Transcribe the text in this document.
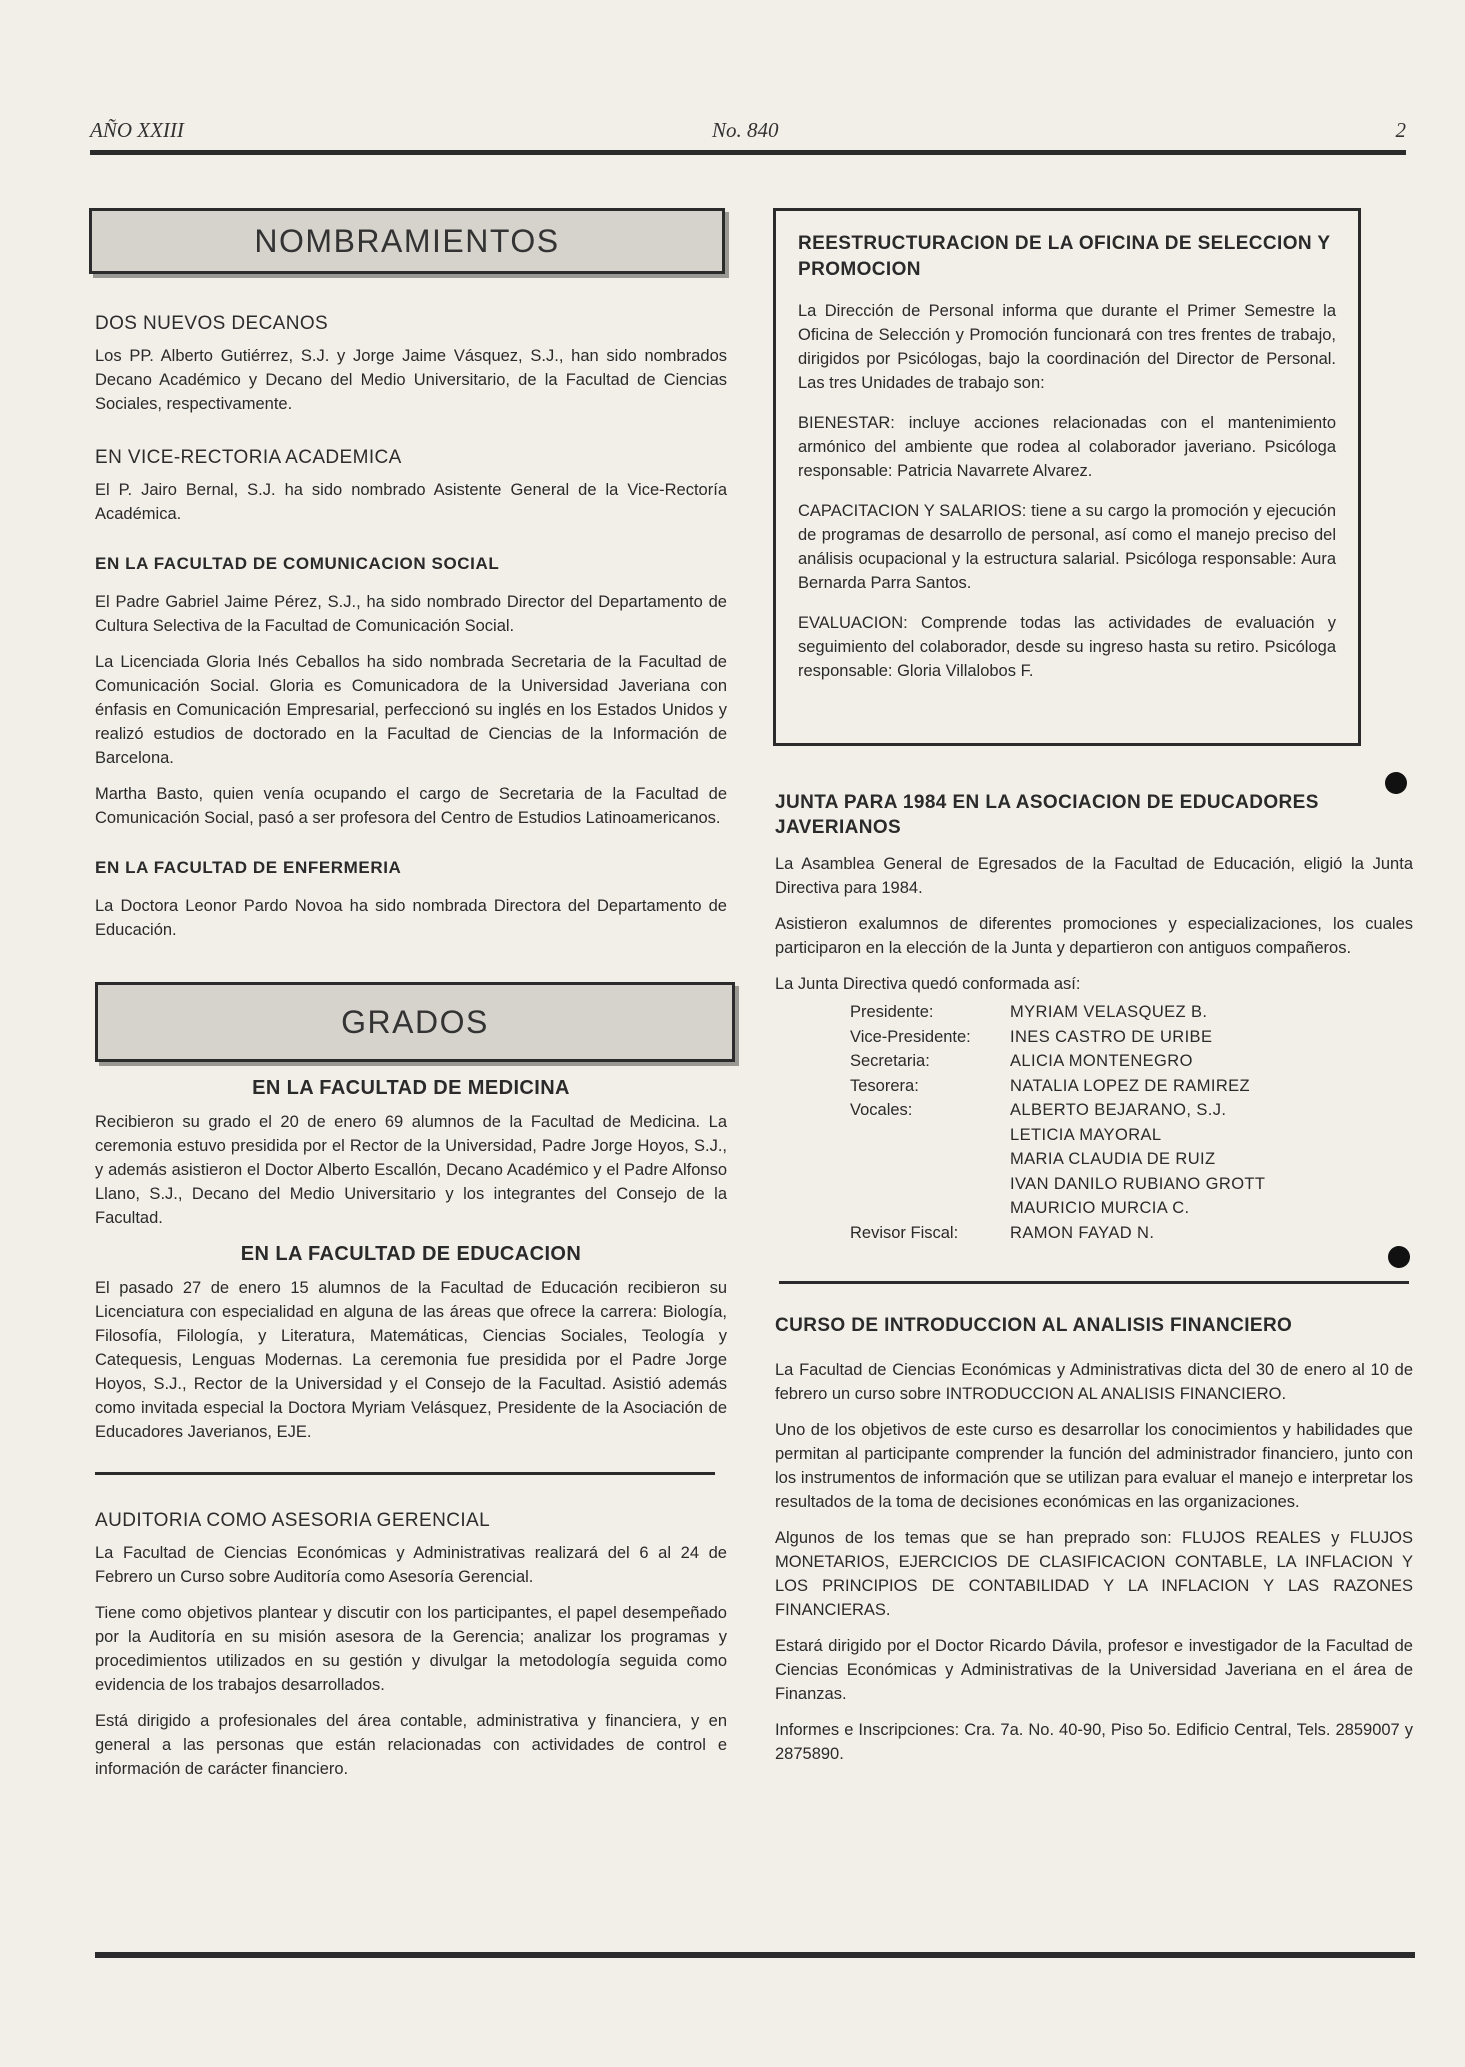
AÑO XXIII	No. 840	2
NOMBRAMIENTOS
DOS NUEVOS DECANOS

Los PP. Alberto Gutiérrez, S.J. y Jorge Jaime Vásquez, S.J., han sido nombrados Decano Académico y Decano del Medio Universitario, de la Facultad de Ciencias Sociales, respectivamente.

EN VICE-RECTORIA ACADEMICA

El P. Jairo Bernal, S.J. ha sido nombrado Asistente General de la Vice-Rectoría Académica.

EN LA FACULTAD DE COMUNICACION SOCIAL

El Padre Gabriel Jaime Pérez, S.J., ha sido nombrado Director del Departamento de Cultura Selectiva de la Facultad de Comunicación Social.

La Licenciada Gloria Inés Ceballos ha sido nombrada Secretaria de la Facultad de Comunicación Social. Gloria es Comunicadora de la Universidad Javeriana con énfasis en Comunicación Empresarial, perfeccionó su inglés en los Estados Unidos y realizó estudios de doctorado en la Facultad de Ciencias de la Información de Barcelona.

Martha Basto, quien venía ocupando el cargo de Secretaria de la Facultad de Comunicación Social, pasó a ser profesora del Centro de Estudios Latinoamericanos.

EN LA FACULTAD DE ENFERMERIA

La Doctora Leonor Pardo Novoa ha sido nombrada Directora del Departamento de Educación.

GRADOS
EN LA FACULTAD DE MEDICINA

Recibieron su grado el 20 de enero 69 alumnos de la Facultad de Medicina. La ceremonia estuvo presidida por el Rector de la Universidad, Padre Jorge Hoyos, S.J., y además asistieron el Doctor Alberto Escallón, Decano Académico y el Padre Alfonso Llano, S.J., Decano del Medio Universitario y los integrantes del Consejo de la Facultad.

EN LA FACULTAD DE EDUCACION

El pasado 27 de enero 15 alumnos de la Facultad de Educación recibieron su Licenciatura con especialidad en alguna de las áreas que ofrece la carrera: Biología, Filosofía, Filología, y Literatura, Matemáticas, Ciencias Sociales, Teología y Catequesis, Lenguas Modernas. La ceremonia fue presidida por el Padre Jorge Hoyos, S.J., Rector de la Universidad y el Consejo de la Facultad. Asistió además como invitada especial la Doctora Myriam Velásquez, Presidente de la Asociación de Educadores Javerianos, EJE.

AUDITORIA COMO ASESORIA GERENCIAL

La Facultad de Ciencias Económicas y Administrativas realizará del 6 al 24 de Febrero un Curso sobre Auditoría como Asesoría Gerencial.

Tiene como objetivos plantear y discutir con los participantes, el papel desempeñado por la Auditoría en su misión asesora de la Gerencia; analizar los programas y procedimientos utilizados en su gestión y divulgar la metodología seguida como evidencia de los trabajos desarrollados.

Está dirigido a profesionales del área contable, administrativa y financiera, y en general a las personas que están relacionadas con actividades de control e información de carácter financiero.

REESTRUCTURACION DE LA OFICINA DE SELECCION Y PROMOCION

La Dirección de Personal informa que durante el Primer Semestre la Oficina de Selección y Promoción funcionará con tres frentes de trabajo, dirigidos por Psicólogas, bajo la coordinación del Director de Personal. Las tres Unidades de trabajo son:

BIENESTAR: incluye acciones relacionadas con el mantenimiento armónico del ambiente que rodea al colaborador javeriano. Psicóloga responsable: Patricia Navarrete Alvarez.

CAPACITACION Y SALARIOS: tiene a su cargo la promoción y ejecución de programas de desarrollo de personal, así como el manejo preciso del análisis ocupacional y la estructura salarial. Psicóloga responsable: Aura Bernarda Parra Santos.

EVALUACION: Comprende todas las actividades de evaluación y seguimiento del colaborador, desde su ingreso hasta su retiro. Psicóloga responsable: Gloria Villalobos F.

JUNTA PARA 1984 EN LA ASOCIACION DE EDUCADORES JAVERIANOS

La Asamblea General de Egresados de la Facultad de Educación, eligió la Junta Directiva para 1984.

Asistieron exalumnos de diferentes promociones y especializaciones, los cuales participaron en la elección de la Junta y departieron con antiguos compañeros.

La Junta Directiva quedó conformada así:

Presidente:	MYRIAM VELASQUEZ B.
Vice-Presidente:	INES CASTRO DE URIBE
Secretaria:	ALICIA MONTENEGRO
Tesorera:	NATALIA LOPEZ DE RAMIREZ
Vocales:	ALBERTO BEJARANO, S.J.
LETICIA MAYORAL
MARIA CLAUDIA DE RUIZ
IVAN DANILO RUBIANO GROTT
MAURICIO MURCIA C.
Revisor Fiscal:	RAMON FAYAD N.
CURSO DE INTRODUCCION AL ANALISIS FINANCIERO

La Facultad de Ciencias Económicas y Administrativas dicta del 30 de enero al 10 de febrero un curso sobre INTRODUCCION AL ANALISIS FINANCIERO.

Uno de los objetivos de este curso es desarrollar los conocimientos y habilidades que permitan al participante comprender la función del administrador financiero, junto con los instrumentos de información que se utilizan para evaluar el manejo e interpretar los resultados de la toma de decisiones económicas en las organizaciones.

Algunos de los temas que se han preprado son: FLUJOS REALES y FLUJOS MONETARIOS, EJERCICIOS DE CLASIFICACION CONTABLE, LA INFLACION Y LOS PRINCIPIOS DE CONTABILIDAD Y LA INFLACION Y LAS RAZONES FINANCIERAS.

Estará dirigido por el Doctor Ricardo Dávila, profesor e investigador de la Facultad de Ciencias Económicas y Administrativas de la Universidad Javeriana en el área de Finanzas.

Informes e Inscripciones: Cra. 7a. No. 40-90, Piso 5o. Edificio Central, Tels. 2859007 y 2875890.
